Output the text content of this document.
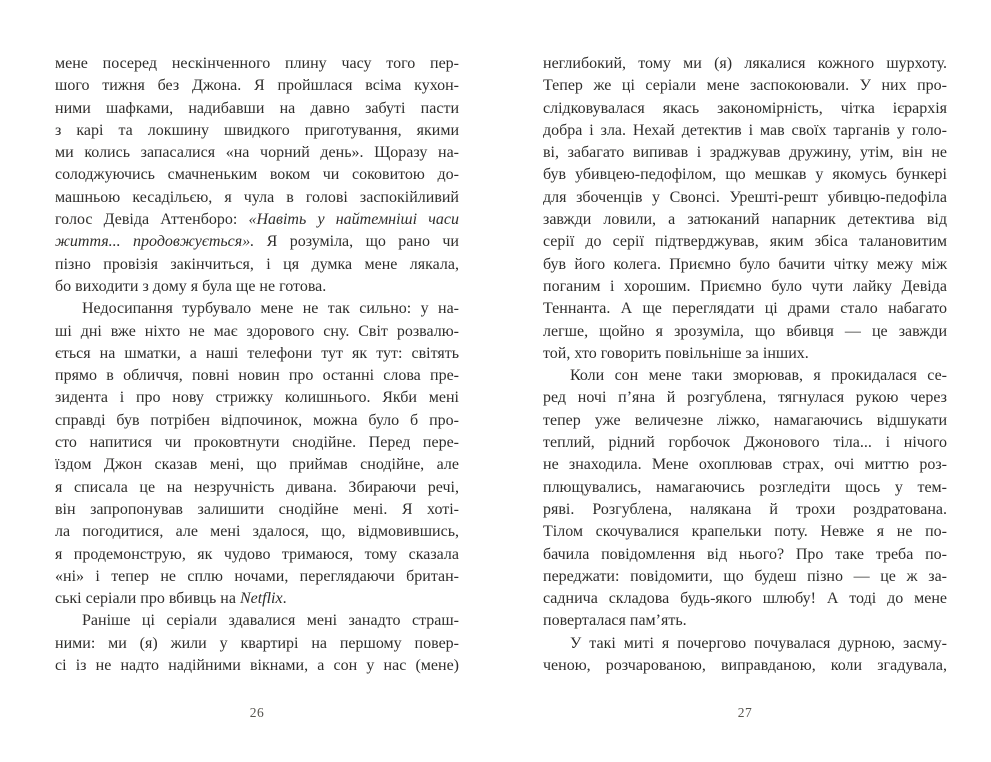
мене посеред нескінченного плину часу того пер-
шого тижня без Джона. Я пройшлася всіма кухон-
ними шафками, надибавши на давно забуті пасти
з карі та локшину швидкого приготування, якими
ми колись запасалися «на чорний день». Щоразу на-
солоджуючись смачненьким воком чи соковитою до-
машньою кесадільєю, я чула в голові заспокійливий
голос Девіда Аттенборо: «Навіть у найтемніші часи
життя... продовжується». Я розуміла, що рано чи
пізно провізія закінчиться, і ця думка мене лякала,
бо виходити з дому я була ще не готова.
Недосипання турбувало мене не так сильно: у на-
ші дні вже ніхто не має здорового сну. Світ розвалю-
ється на шматки, а наші телефони тут як тут: світять
прямо в обличчя, повні новин про останні слова пре-
зидента і про нову стрижку колишнього. Якби мені
справді був потрібен відпочинок, можна було б про-
сто напитися чи проковтнути снодійне. Перед пере-
їздом Джон сказав мені, що приймав снодійне, але
я списала це на незручність дивана. Збираючи речі,
він запропонував залишити снодійне мені. Я хоті-
ла погодитися, але мені здалося, що, відмовившись,
я продемонструю, як чудово тримаюся, тому сказала
«ні» і тепер не сплю ночами, переглядаючи британ-
ські серіали про вбивць на Netflix.
Раніше ці серіали здавалися мені занадто страш-
ними: ми (я) жили у квартирі на першому повер-
сі із не надто надійними вікнами, а сон у нас (мене)
неглибокий, тому ми (я) лякалися кожного шурхоту.
Тепер же ці серіали мене заспокоювали. У них про-
слідковувалася якась закономірність, чітка ієрархія
добра і зла. Нехай детектив і мав своїх тарганів у голо-
ві, забагато випивав і зраджував дружину, утім, він не
був убивцею-педофілом, що мешкав у якомусь бункері
для збоченців у Свонсі. Урешті-решт убивцю-педофіла
завжди ловили, а затюканий напарник детектива від
серії до серії підтверджував, яким збіса талановитим
був його колега. Приємно було бачити чітку межу між
поганим і хорошим. Приємно було чути лайку Девіда
Теннанта. А ще переглядати ці драми стало набагато
легше, щойно я зрозуміла, що вбивця — це завжди
той, хто говорить повільніше за інших.
Коли сон мене таки зморював, я прокидалася се-
ред ночі п’яна й розгублена, тягнулася рукою через
тепер уже величезне ліжко, намагаючись відшукати
теплий, рідний горбочок Джонового тіла... і нічого
не знаходила. Мене охоплював страх, очі миттю роз-
плющувались, намагаючись розгледіти щось у тем-
ряві. Розгублена, налякана й трохи роздратована.
Тілом скочувалися крапельки поту. Невже я не по-
бачила повідомлення від нього? Про таке треба по-
переджати: повідомити, що будеш пізно — це ж за-
саднича складова будь-якого шлюбу! А тоді до мене
поверталася пам’ять.
У такі миті я почергово почувалася дурною, засму-
ченою, розчарованою, виправданою, коли згадувала,
26	27
